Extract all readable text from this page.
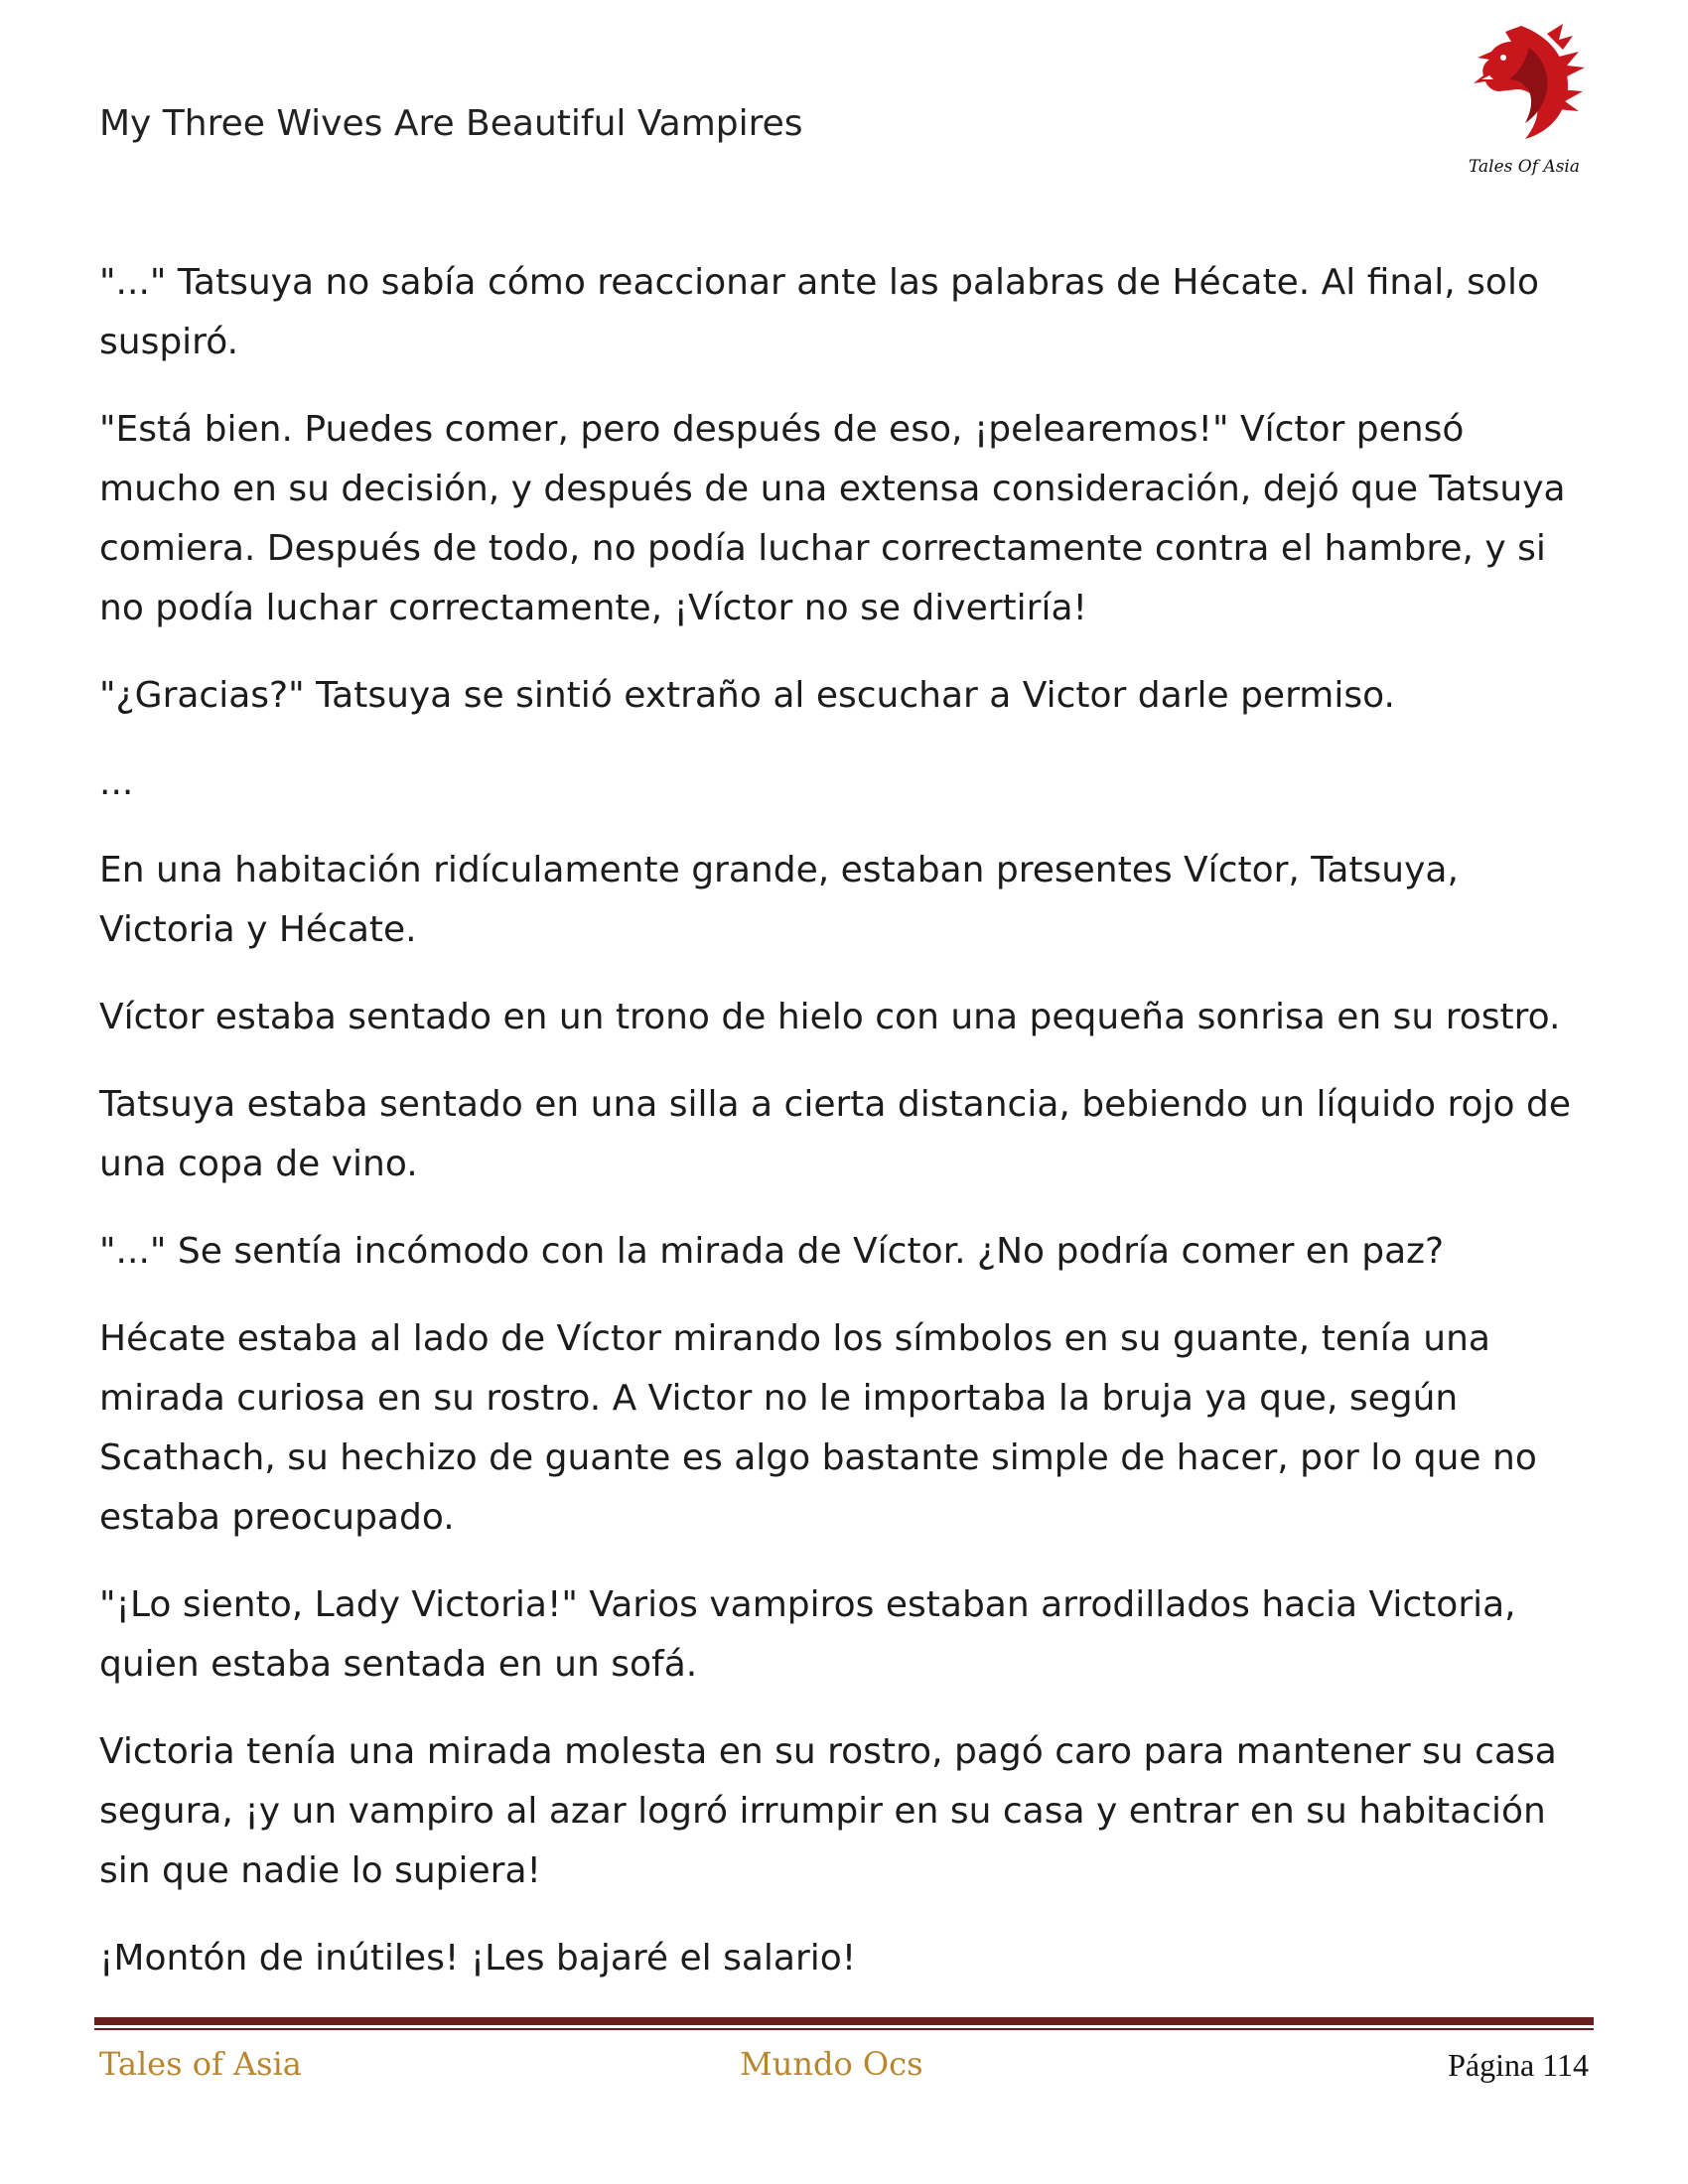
My Three Wives Are Beautiful Vampires
Tales Of Asia

"..." Tatsuya no sabía cómo reaccionar ante las palabras de Hécate. Al final, solo suspiró.

"Está bien. Puedes comer, pero después de eso, ¡pelearemos!" Víctor pensó mucho en su decisión, y después de una extensa consideración, dejó que Tatsuya comiera. Después de todo, no podía luchar correctamente contra el hambre, y si no podía luchar correctamente, ¡Víctor no se divertiría!

"¿Gracias?" Tatsuya se sintió extraño al escuchar a Victor darle permiso.

...

En una habitación ridículamente grande, estaban presentes Víctor, Tatsuya, Victoria y Hécate.

Víctor estaba sentado en un trono de hielo con una pequeña sonrisa en su rostro.

Tatsuya estaba sentado en una silla a cierta distancia, bebiendo un líquido rojo de una copa de vino.

"..." Se sentía incómodo con la mirada de Víctor. ¿No podría comer en paz?

Hécate estaba al lado de Víctor mirando los símbolos en su guante, tenía una mirada curiosa en su rostro. A Victor no le importaba la bruja ya que, según Scathach, su hechizo de guante es algo bastante simple de hacer, por lo que no estaba preocupado.

"¡Lo siento, Lady Victoria!" Varios vampiros estaban arrodillados hacia Victoria, quien estaba sentada en un sofá.

Victoria tenía una mirada molesta en su rostro, pagó caro para mantener su casa segura, ¡y un vampiro al azar logró irrumpir en su casa y entrar en su habitación sin que nadie lo supiera!

¡Montón de inútiles! ¡Les bajaré el salario!

Tales of Asia	Mundo Ocs	Página 114
